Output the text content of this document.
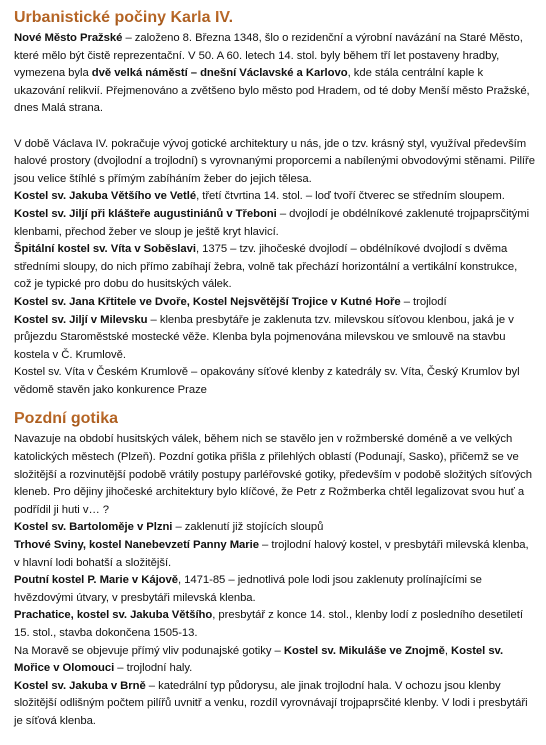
Urbanistické počiny Karla IV.

Nové Město Pražské – založeno 8. Března 1348, šlo o rezidenční a výrobní navázání na Staré Město, které mělo být čistě reprezentační. V 50. A 60. letech 14. stol. byly během tří let postaveny hradby, vymezena byla dvě velká náměstí – dnešní Václavské a Karlovo, kde stála centrální kaple k ukazování relikvií. Přejmenováno a zvětšeno bylo město pod Hradem, od té doby Menší město Pražské, dnes Malá strana.

V době Václava IV. pokračuje vývoj gotické architektury u nás, jde o tzv. krásný styl, využíval především halové prostory (dvojlodní a trojlodní) s vyrovnanými proporcemi a nabílenými obvodovými stěnami. Pilíře jsou velice štíhlé s přímým zabíháním žeber do jejich tělesa.

Kostel sv. Jakuba Většího ve Vetlé, třetí čtvrtina 14. stol. – loď tvoří čtverec se středním sloupem.

Kostel sv. Jiljí při klášteře augustiniánů v Třeboni – dvojlodí je obdélníkové zaklenuté trojpaprsčitými klenbami, přechod žeber ve sloup je ještě kryt hlavicí.

Špitální kostel sv. Víta v Soběslavi, 1375 – tzv. jihočeské dvojlodí – obdélníkové dvojlodí s dvěma středními sloupy, do nich přímo zabíhají žebra, volně tak přechází horizontální a vertikální konstrukce, což je typické pro dobu do husitských válek.

Kostel sv. Jana Křtitele ve Dvoře, Kostel Nejsvětější Trojice v Kutné Hoře – trojlodí

Kostel sv. Jiljí v Milevsku – klenba presbytáře je zaklenuta tzv. milevskou síťovou klenbou, jaká je v průjezdu Staroměstské mostecké věže. Klenba byla pojmenována milevskou ve smlouvě na stavbu kostela v Č. Krumlově.

Kostel sv. Víta v Českém Krumlově – opakovány síťové klenby z katedrály sv. Víta, Český Krumlov byl vědomě stavěn jako konkurence Praze

Pozdní gotika

Navazuje na období husitských válek, během nich se stavělo jen v rožmberské doméně a ve velkých katolických městech (Plzeň). Pozdní gotika přišla z přilehlých oblastí (Podunají, Sasko), přičemž se ve složitější a rozvinutější podobě vrátily postupy parléřovské gotiky, především v podobě složitých síťových kleneb. Pro dějiny jihočeské architektury bylo klíčové, že Petr z Rožmberka chtěl legalizovat svou huť a podřídil ji huti v… ?

Kostel sv. Bartoloměje v Plzni – zaklenutí již stojících sloupů

Trhové Sviny, kostel Nanebevzetí Panny Marie – trojlodní halový kostel, v presbytáři milevská klenba, v hlavní lodi bohatší a složitější.

Poutní kostel P. Marie v Kájově, 1471-85 – jednotlivá pole lodi jsou zaklenuty prolínajícími se hvězdovými útvary, v presbytáři milevská klenba.

Prachatice, kostel sv. Jakuba Většího, presbytář z konce 14. stol., klenby lodí z posledního desetiletí 15. stol., stavba dokončena 1505-13.

Na Moravě se objevuje přímý vliv podunajské gotiky – Kostel sv. Mikuláše ve Znojmě, Kostel sv. Mořice v Olomouci – trojlodní haly.

Kostel sv. Jakuba v Brně – katedrální typ půdorysu, ale jinak trojlodní hala. V ochozu jsou klenby složitější odlišným počtem pilířů uvnitř a venku, rozdíl vyrovnávají trojpaprsčité klenby. V lodi i presbytáři je síťová klenba.
